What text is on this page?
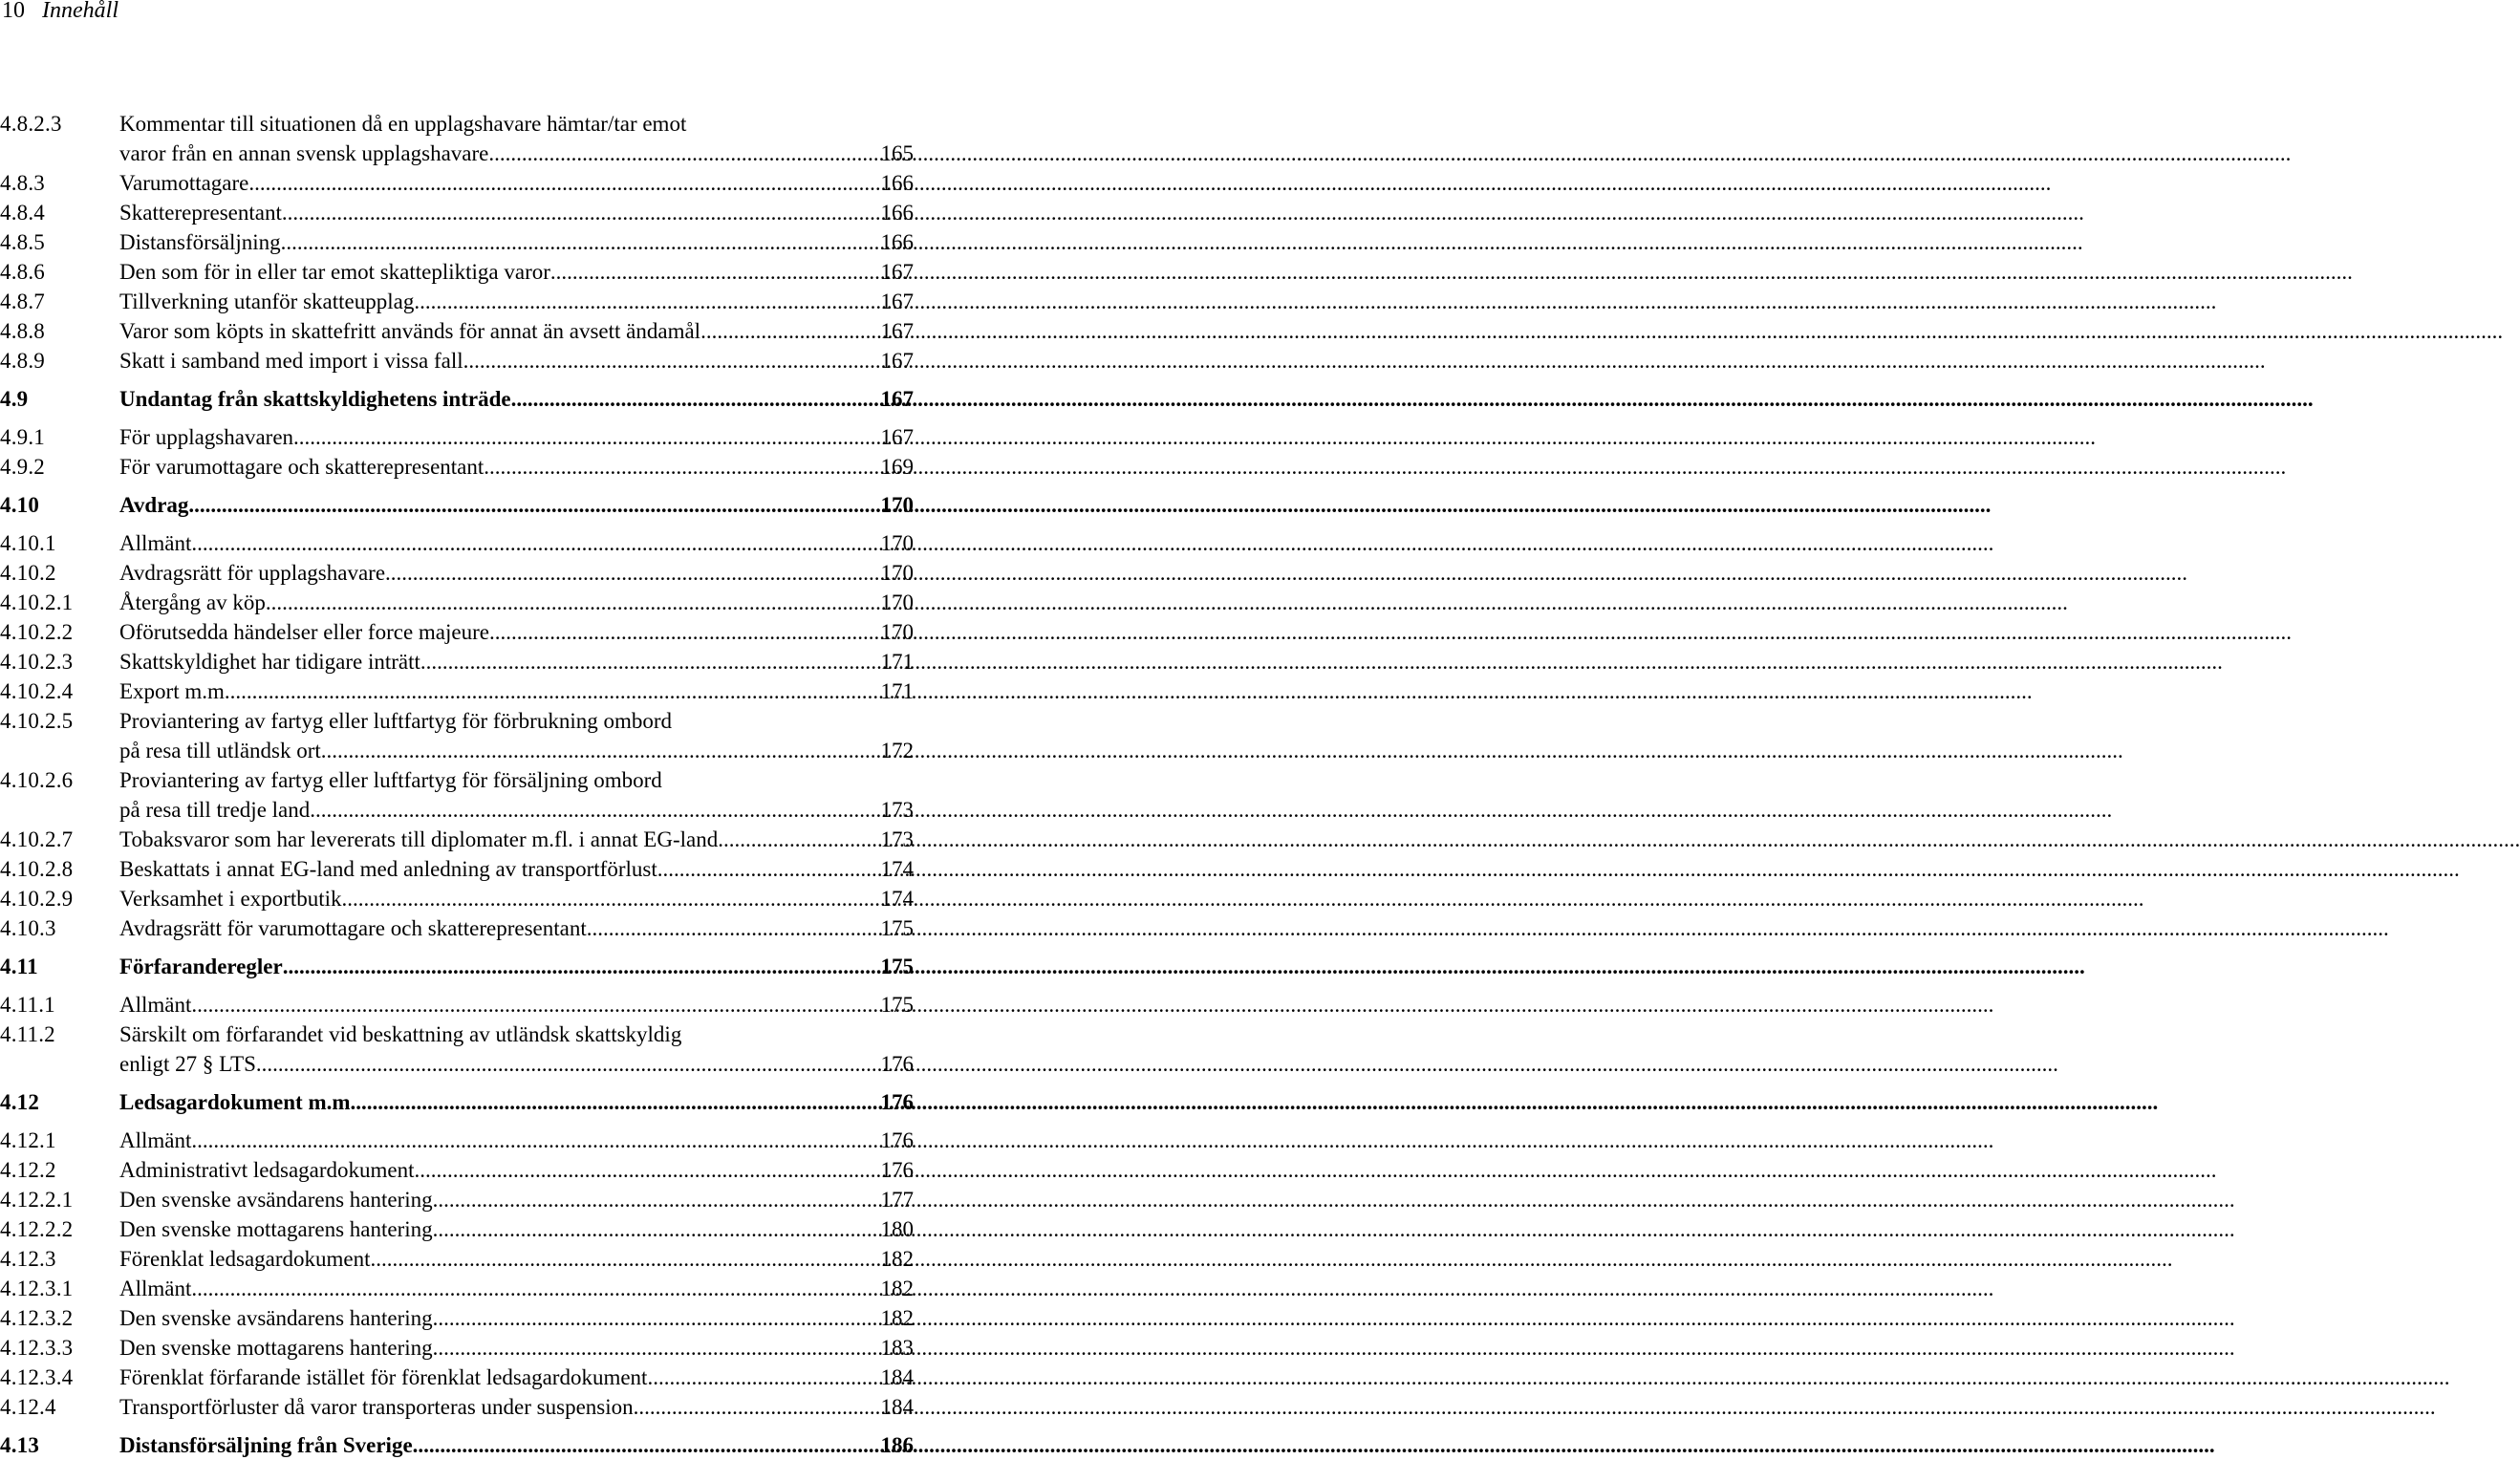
10 Innehåll
4.8.2.3	Kommentar till situationen då en upplagshavare hämtar/tar emot
varor från en annan svensk upplagshavare .....	165
4.8.3	Varumottagare .....	166
4.8.4	Skatterepresentant .....	166
4.8.5	Distansförsäljning .....	166
4.8.6	Den som för in eller tar emot skattepliktiga varor .....	167
4.8.7	Tillverkning utanför skatteupplag .....	167
4.8.8	Varor som köpts in skattefritt används för annat än avsett ändamål .....	167
4.8.9	Skatt i samband med import i vissa fall .....	167
4.9	Undantag från skattskyldighetens inträde .....	167
4.9.1	För upplagshavaren .....	167
4.9.2	För varumottagare och skatterepresentant .....	169
4.10	Avdrag .....	170
4.10.1	Allmänt .....	170
4.10.2	Avdragsrätt för upplagshavare .....	170
4.10.2.1	Återgång av köp .....	170
4.10.2.2	Oförutsedda händelser eller force majeure .....	170
4.10.2.3	Skattskyldighet har tidigare inträtt .....	171
4.10.2.4	Export m.m. .....	171
4.10.2.5	Proviantering av fartyg eller luftfartyg för förbrukning ombord
på resa till utländsk ort .....	172
4.10.2.6	Proviantering av fartyg eller luftfartyg för försäljning ombord
på resa till tredje land .....	173
4.10.2.7	Tobaksvaror som har levererats till diplomater m.fl. i annat EG-land .....	173
4.10.2.8	Beskattats i annat EG-land med anledning av transportförlust .....	174
4.10.2.9	Verksamhet i exportbutik .....	174
4.10.3	Avdragsrätt för varumottagare och skatterepresentant .....	175
4.11	Förfaranderegler .....	175
4.11.1	Allmänt .....	175
4.11.2	Särskilt om förfarandet vid beskattning av utländsk skattskyldig
enligt 27 § LTS .....	176
4.12	Ledsagardokument m.m. .....	176
4.12.1	Allmänt .....	176
4.12.2	Administrativt ledsagardokument .....	176
4.12.2.1	Den svenske avsändarens hantering .....	177
4.12.2.2	Den svenske mottagarens hantering .....	180
4.12.3	Förenklat ledsagardokument .....	182
4.12.3.1	Allmänt .....	182
4.12.3.2	Den svenske avsändarens hantering .....	182
4.12.3.3	Den svenske mottagarens hantering .....	183
4.12.3.4	Förenklat förfarande istället för förenklat ledsagardokument .....	184
4.12.4	Transportförluster då varor transporteras under suspension .....	184
4.13	Distansförsäljning från Sverige .....	186
